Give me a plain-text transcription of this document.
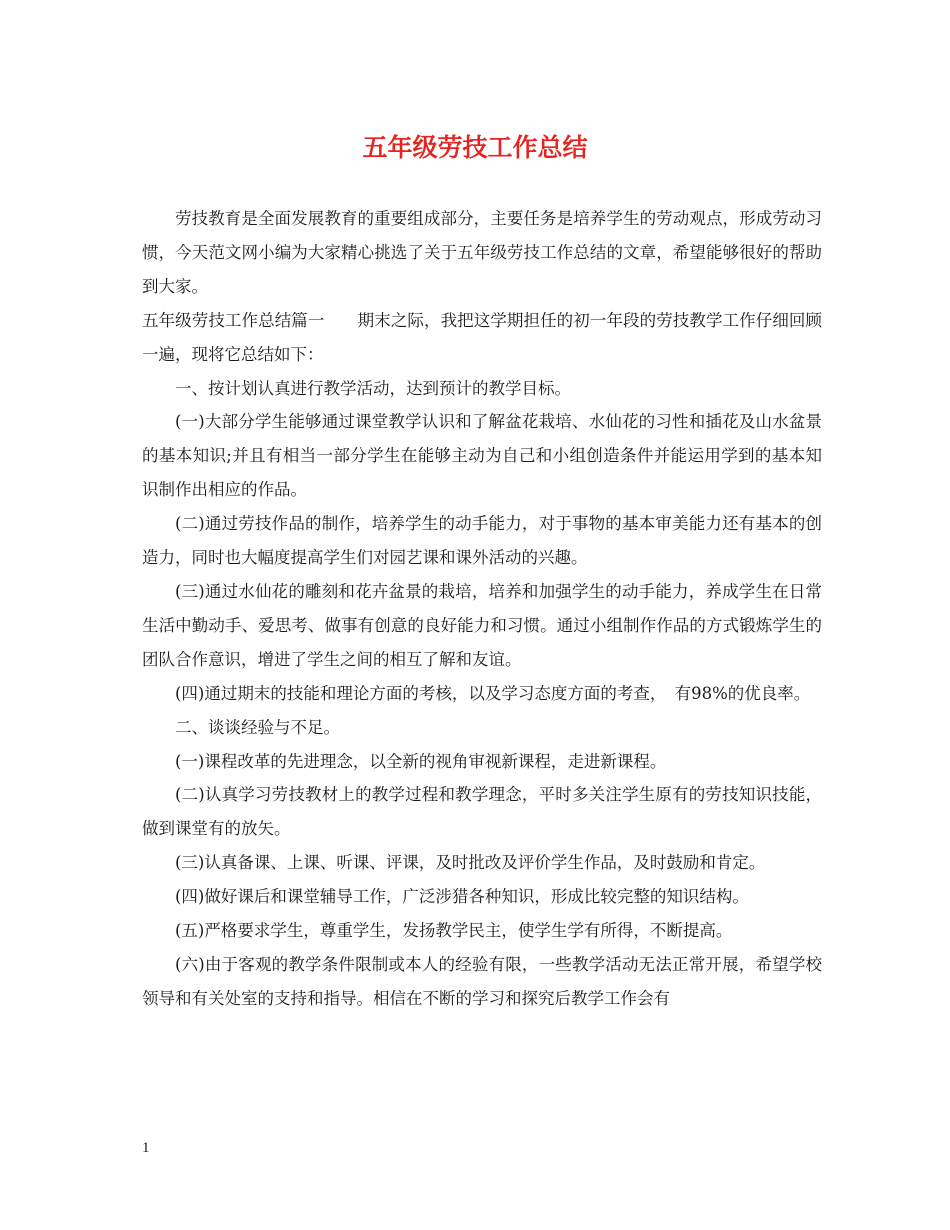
五年级劳技工作总结

劳技教育是全面发展教育的重要组成部分，主要任务是培养学生的劳动观点，形成劳动习惯，今天范文网小编为大家精心挑选了关于五年级劳技工作总结的文章，希望能够很好的帮助到大家。

五年级劳技工作总结篇一　　期末之际，我把这学期担任的初一年段的劳技教学工作仔细回顾一遍，现将它总结如下：

一、按计划认真进行教学活动，达到预计的教学目标。

(一)大部分学生能够通过课堂教学认识和了解盆花栽培、水仙花的习性和插花及山水盆景的基本知识;并且有相当一部分学生在能够主动为自己和小组创造条件并能运用学到的基本知识制作出相应的作品。

(二)通过劳技作品的制作，培养学生的动手能力，对于事物的基本审美能力还有基本的创造力，同时也大幅度提高学生们对园艺课和课外活动的兴趣。

(三)通过水仙花的雕刻和花卉盆景的栽培，培养和加强学生的动手能力，养成学生在日常生活中勤动手、爱思考、做事有创意的良好能力和习惯。通过小组制作作品的方式锻炼学生的团队合作意识，增进了学生之间的相互了解和友谊。

(四)通过期末的技能和理论方面的考核，以及学习态度方面的考查，　有98%的优良率。

二、谈谈经验与不足。

(一)课程改革的先进理念，以全新的视角审视新课程，走进新课程。

(二)认真学习劳技教材上的教学过程和教学理念，平时多关注学生原有的劳技知识技能，做到课堂有的放矢。

(三)认真备课、上课、听课、评课，及时批改及评价学生作品，及时鼓励和肯定。

(四)做好课后和课堂辅导工作，广泛涉猎各种知识，形成比较完整的知识结构。

(五)严格要求学生，尊重学生，发扬教学民主，使学生学有所得，不断提高。

(六)由于客观的教学条件限制或本人的经验有限，一些教学活动无法正常开展，希望学校领导和有关处室的支持和指导。相信在不断的学习和探究后教学工作会有

1
